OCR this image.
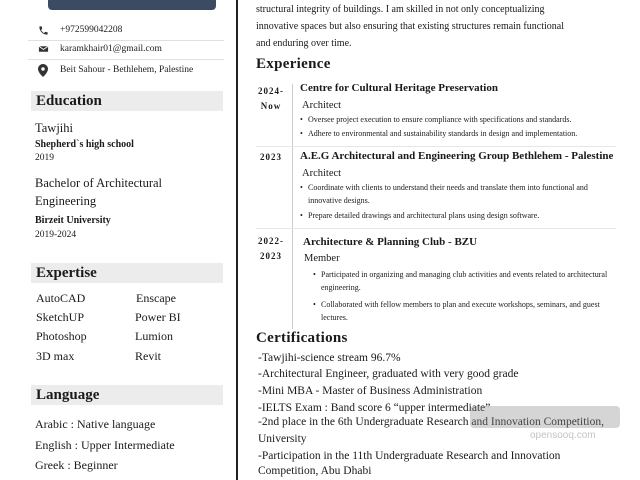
+972599042208
karamkhair01@gmail.com
Beit Sahour - Bethlehem, Palestine
Education
Tawjihi
Shepherd`s high school
2019
Bachelor of Architectural
Engineering
Birzeit University
2019-2024
Expertise
AutoCAD
SketchUP
Photoshop
3D max
Enscape
Power BI
Lumion
Revit
Language
Arabic : Native language
English : Upper Intermediate
Greek : Beginner
structural integrity of buildings. I am skilled in not only conceptualizing
innovative spaces but also ensuring that existing structures remain functional
and enduring over time.
Experience
2024-
Now
Centre for Cultural Heritage Preservation
Architect
• Oversee project execution to ensure compliance with specifications and standards.
• Adhere to environmental and sustainability standards in design and implementation.
2023	A.E.G Architectural and Engineering Group Bethlehem - Palestine
Architect
• Coordinate with clients to understand their needs and translate them into functional and innovative designs.
• Prepare detailed drawings and architectural plans using design software.
2022-
2023
Architecture & Planning Club - BZU
Member
• Participated in organizing and managing club activities and events related to architectural engineering.
• Collaborated with fellow members to plan and execute workshops, seminars, and guest lectures.
Certifications
-Tawjihi-science stream 96.7%
-Architectural Engineer, graduated with very good grade
-Mini MBA - Master of Business Administration
-IELTS Exam : Band score 6 “upper intermediate”
-2nd place in the 6th Undergraduate Research and Innovation Competition,
University
-Participation in the 11th Undergraduate Research and Innovation
Competition, Abu Dhabi
opensooq.com
